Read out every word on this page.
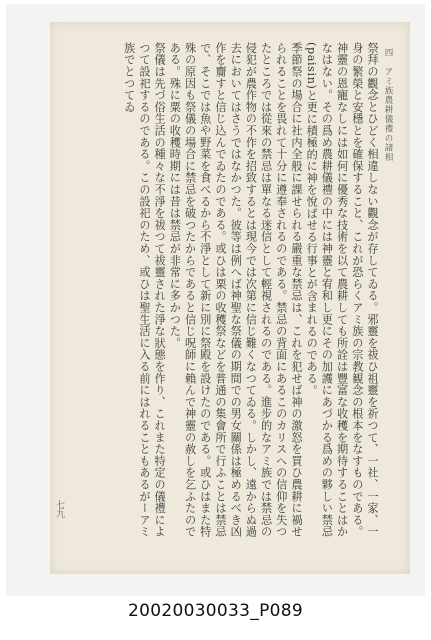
祭拜の觀念とひどく相違しない觀念が存してゐる。邪靈を祓ひ祖靈を祈つて、一社、一家、一身の繁榮と安穩とを確保すること、これが恐らくアミ族の宗教観念の根本をなすものである。神靈の恩寵なしには如何に優秀な技術を以て農耕しても所詮は豐富な收穫を期待することはかなはない。その爲め農耕儀禮の中には神靈と宥和し更にその加護にあづかる爲めの夥しい禁忌(paisin)と更に積極的に神を悅ばせる行事とが含まれるのである。

季節祭の場合に社内全般に課せられる嚴重な禁忌は、これを犯せば神の激怒を買ひ農耕に禍せられることを畏れて十分に遵奉されるのである。禁忌の背面にあるこのカリスへの信仰を失つたところでは從來の禁忌は單なる迷信として輕視されるのである。進步的なアミ族では禁忌の侵犯が農作物の不作を招致するとは現今では次第に信じ難くなつてゐる。しかし、遠からぬ過去においてはさうではなかつた。彼等は例へば神聖な祭儀の期間での男女關係は極めるべき凶作を齎すと信じ込んでゐたのである。或ひは栗の收穫祭などを普通の集會所で行ふことは禁忌で、そこでは魚や野菜を食べるから不淨として新に別に祭殿を設けたのである。或ひはまた特殊の原因も祭儀の場合に禁忌を破つたからであると信じ呪師に賴んで神靈の赦しを乞ふたのである。殊に粟の收穫時期には昔は禁忌が非常に多かつた。

祭儀は先づ俗生活の種々な不淨を祓つて祓靈された淨な狀態を作り、これまた特定の儀禮によつて設祀するのである。この設祀のため、或ひは聖生活に入る前にはれることもあるがーアミ族でとつてゐ	四　アミ族農耕儀禮の諸相
七九
20020030033_P089
